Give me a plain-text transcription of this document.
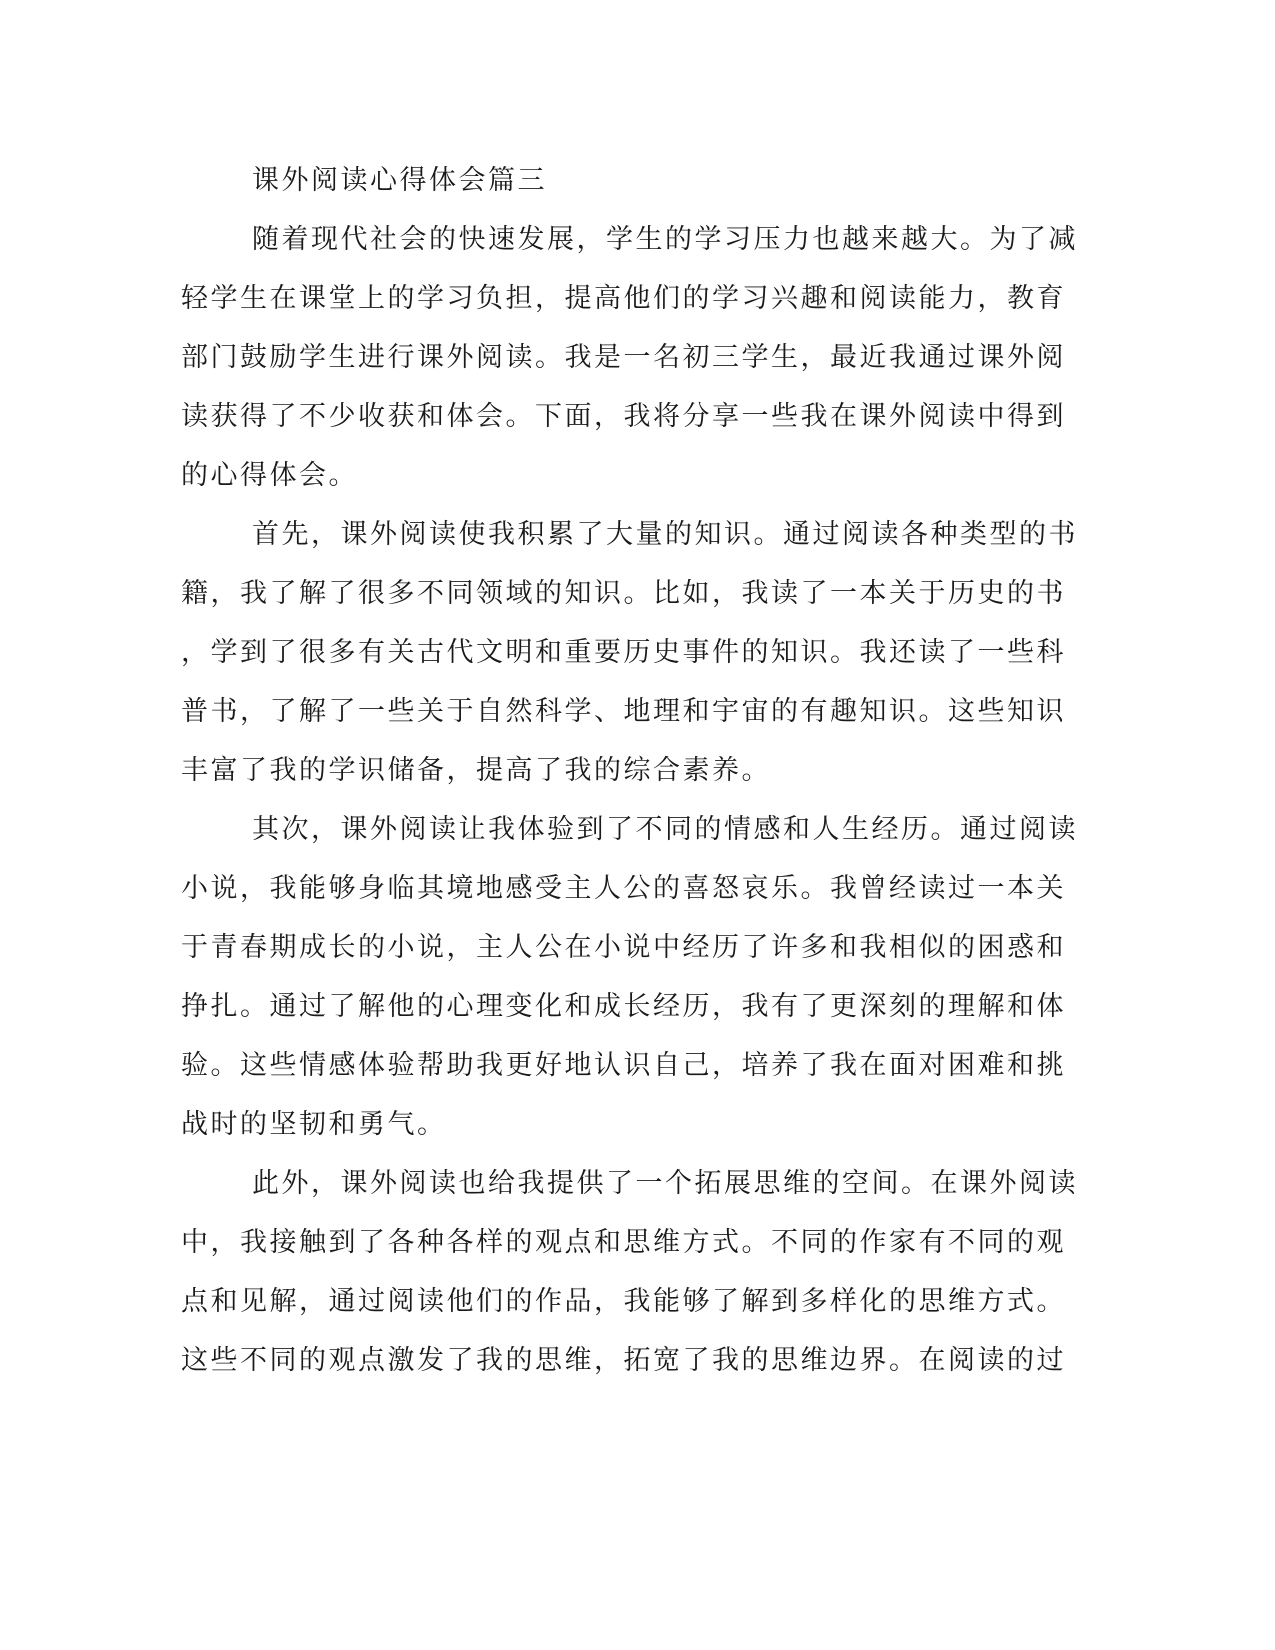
课外阅读心得体会篇三

随着现代社会的快速发展，学生的学习压力也越来越大。为了减

轻学生在课堂上的学习负担，提高他们的学习兴趣和阅读能力，教育

部门鼓励学生进行课外阅读。我是一名初三学生，最近我通过课外阅

读获得了不少收获和体会。下面，我将分享一些我在课外阅读中得到

的心得体会。

首先，课外阅读使我积累了大量的知识。通过阅读各种类型的书

籍，我了解了很多不同领域的知识。比如，我读了一本关于历史的书

，学到了很多有关古代文明和重要历史事件的知识。我还读了一些科

普书，了解了一些关于自然科学、地理和宇宙的有趣知识。这些知识

丰富了我的学识储备，提高了我的综合素养。

其次，课外阅读让我体验到了不同的情感和人生经历。通过阅读

小说，我能够身临其境地感受主人公的喜怒哀乐。我曾经读过一本关

于青春期成长的小说，主人公在小说中经历了许多和我相似的困惑和

挣扎。通过了解他的心理变化和成长经历，我有了更深刻的理解和体

验。这些情感体验帮助我更好地认识自己，培养了我在面对困难和挑

战时的坚韧和勇气。

此外，课外阅读也给我提供了一个拓展思维的空间。在课外阅读

中，我接触到了各种各样的观点和思维方式。不同的作家有不同的观

点和见解，通过阅读他们的作品，我能够了解到多样化的思维方式。

这些不同的观点激发了我的思维，拓宽了我的思维边界。在阅读的过
